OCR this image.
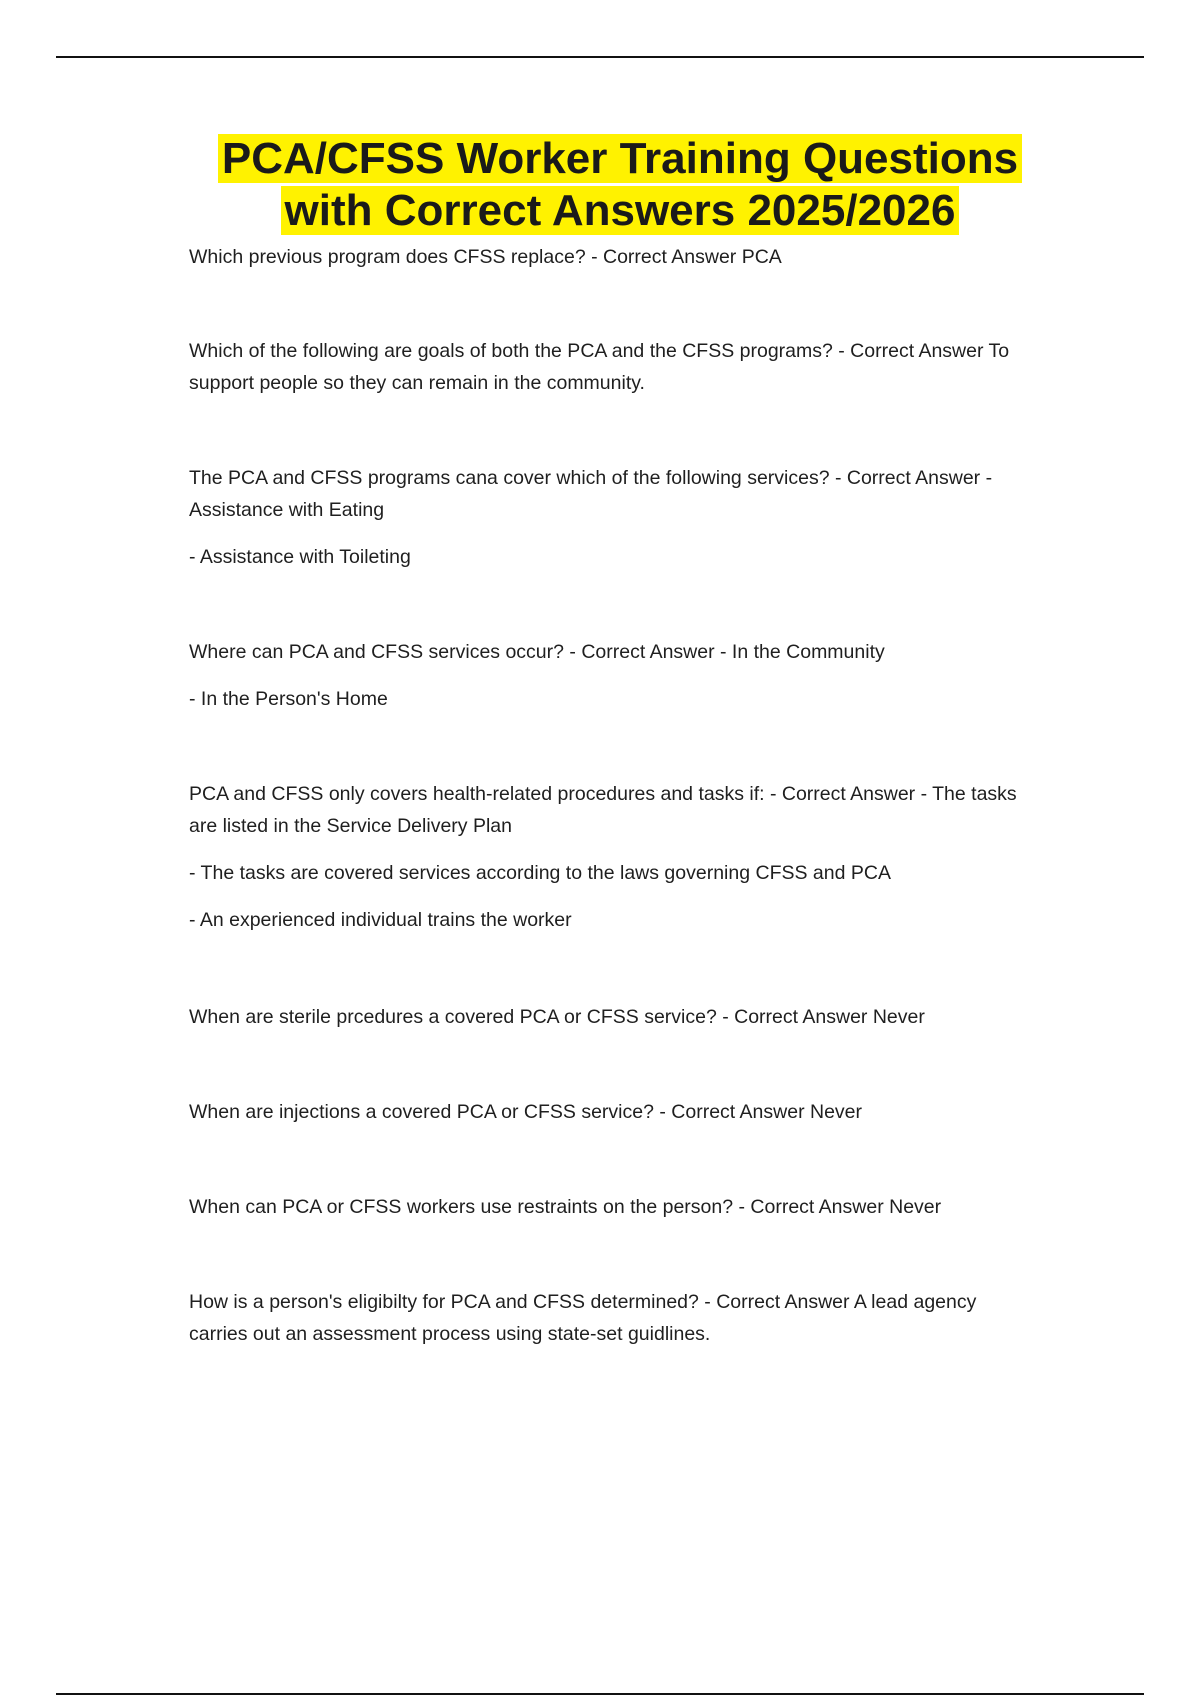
PCA/CFSS Worker Training Questions
with Correct Answers 2025/2026

Which previous program does CFSS replace? - Correct Answer PCA

Which of the following are goals of both the PCA and the CFSS programs? - Correct Answer To support people so they can remain in the community.

The PCA and CFSS programs cana cover which of the following services? - Correct Answer - Assistance with Eating

- Assistance with Toileting

Where can PCA and CFSS services occur? - Correct Answer - In the Community

- In the Person's Home

PCA and CFSS only covers health-related procedures and tasks if: - Correct Answer - The tasks are listed in the Service Delivery Plan

- The tasks are covered services according to the laws governing CFSS and PCA

- An experienced individual trains the worker

When are sterile prcedures a covered PCA or CFSS service? - Correct Answer Never

When are injections a covered PCA or CFSS service? - Correct Answer Never

When can PCA or CFSS workers use restraints on the person? - Correct Answer Never

How is a person's eligibilty for PCA and CFSS determined? - Correct Answer A lead agency carries out an assessment process using state-set guidlines.
